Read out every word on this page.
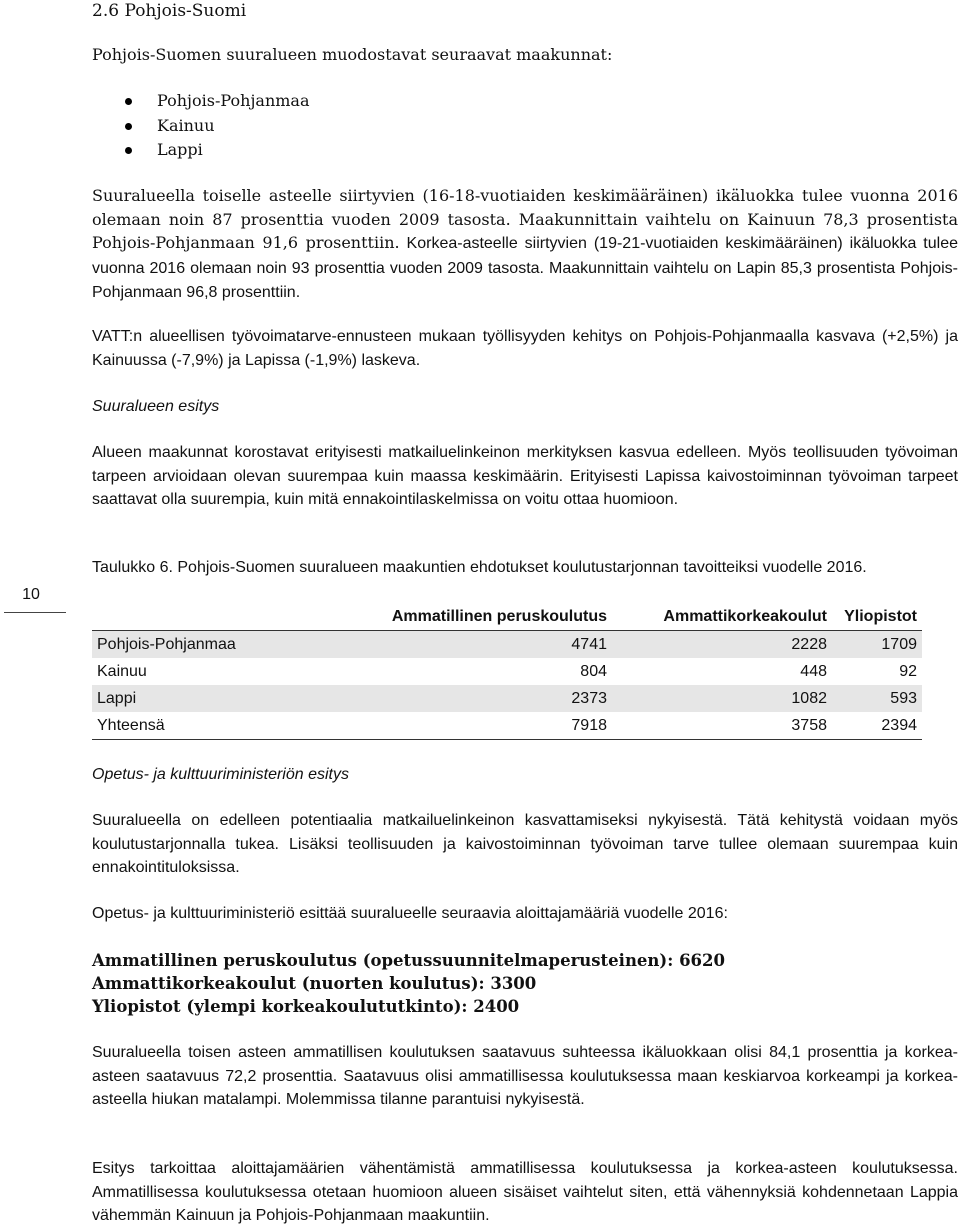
2.6 Pohjois-Suomi
Pohjois-Suomen suuralueen muodostavat seuraavat maakunnat:
Pohjois-Pohjanmaa
Kainuu
Lappi
Suuralueella toiselle asteelle siirtyvien (16-18-vuotiaiden keskimääräinen) ikäluokka tulee vuonna 2016 olemaan noin 87 prosenttia vuoden 2009 tasosta. Maakunnittain vaihtelu on Kainuun 78,3 prosentista Pohjois-Pohjanmaan 91,6 prosenttiin. Korkea-asteelle siirtyvien (19-21-vuotiaiden keskimääräinen) ikäluokka tulee vuonna 2016 olemaan noin 93 prosenttia vuoden 2009 tasosta. Maakunnittain vaihtelu on Lapin 85,3 prosentista Pohjois-Pohjanmaan 96,8 prosenttiin.
VATT:n alueellisen työvoimatarve-ennusteen mukaan työllisyyden kehitys on Pohjois-Pohjanmaalla kasvava (+2,5%) ja Kainuussa (-7,9%) ja Lapissa (-1,9%) laskeva.
Suuralueen esitys
Alueen maakunnat korostavat erityisesti matkailuelinkeinon merkityksen kasvua edelleen. Myös teollisuuden työvoiman tarpeen arvioidaan olevan suurempaa kuin maassa keskimäärin. Erityisesti Lapissa kaivostoiminnan työvoiman tarpeet saattavat olla suurempia, kuin mitä ennakointilaskelmissa on voitu ottaa huomioon.
10
Taulukko 6. Pohjois-Suomen suuralueen maakuntien ehdotukset koulutustarjonnan tavoitteiksi vuodelle 2016.
	Ammatillinen peruskoulutus	Ammattikorkeakoulut	Yliopistot
Pohjois-Pohjanmaa	4741	2228	1709
Kainuu	804	448	92
Lappi	2373	1082	593
Yhteensä	7918	3758	2394
Opetus- ja kulttuuriministeriön esitys
Suuralueella on edelleen potentiaalia matkailuelinkeinon kasvattamiseksi nykyisestä. Tätä kehitystä voidaan myös koulutustarjonnalla tukea. Lisäksi teollisuuden ja kaivostoiminnan työvoiman tarve tullee olemaan suurempaa kuin ennakointituloksissa.
Opetus- ja kulttuuriministeriö esittää suuralueelle seuraavia aloittajamääriä vuodelle 2016:
Ammatillinen peruskoulutus (opetussuunnitelmaperusteinen): 6620
Ammattikorkeakoulut (nuorten koulutus): 3300
Yliopistot (ylempi korkeakoulututkinto): 2400
Suuralueella toisen asteen ammatillisen koulutuksen saatavuus suhteessa ikäluokkaan olisi 84,1 prosenttia ja korkea-asteen saatavuus 72,2 prosenttia. Saatavuus olisi ammatillisessa koulutuksessa maan keskiarvoa korkeampi ja korkea-asteella hiukan matalampi. Molemmissa tilanne parantuisi nykyisestä.
Esitys tarkoittaa aloittajamäärien vähentämistä ammatillisessa koulutuksessa ja korkea-asteen koulutuksessa. Ammatillisessa koulutuksessa otetaan huomioon alueen sisäiset vaihtelut siten, että vähennyksiä kohdennetaan Lappia vähemmän Kainuun ja Pohjois-Pohjanmaan maakuntiin.
